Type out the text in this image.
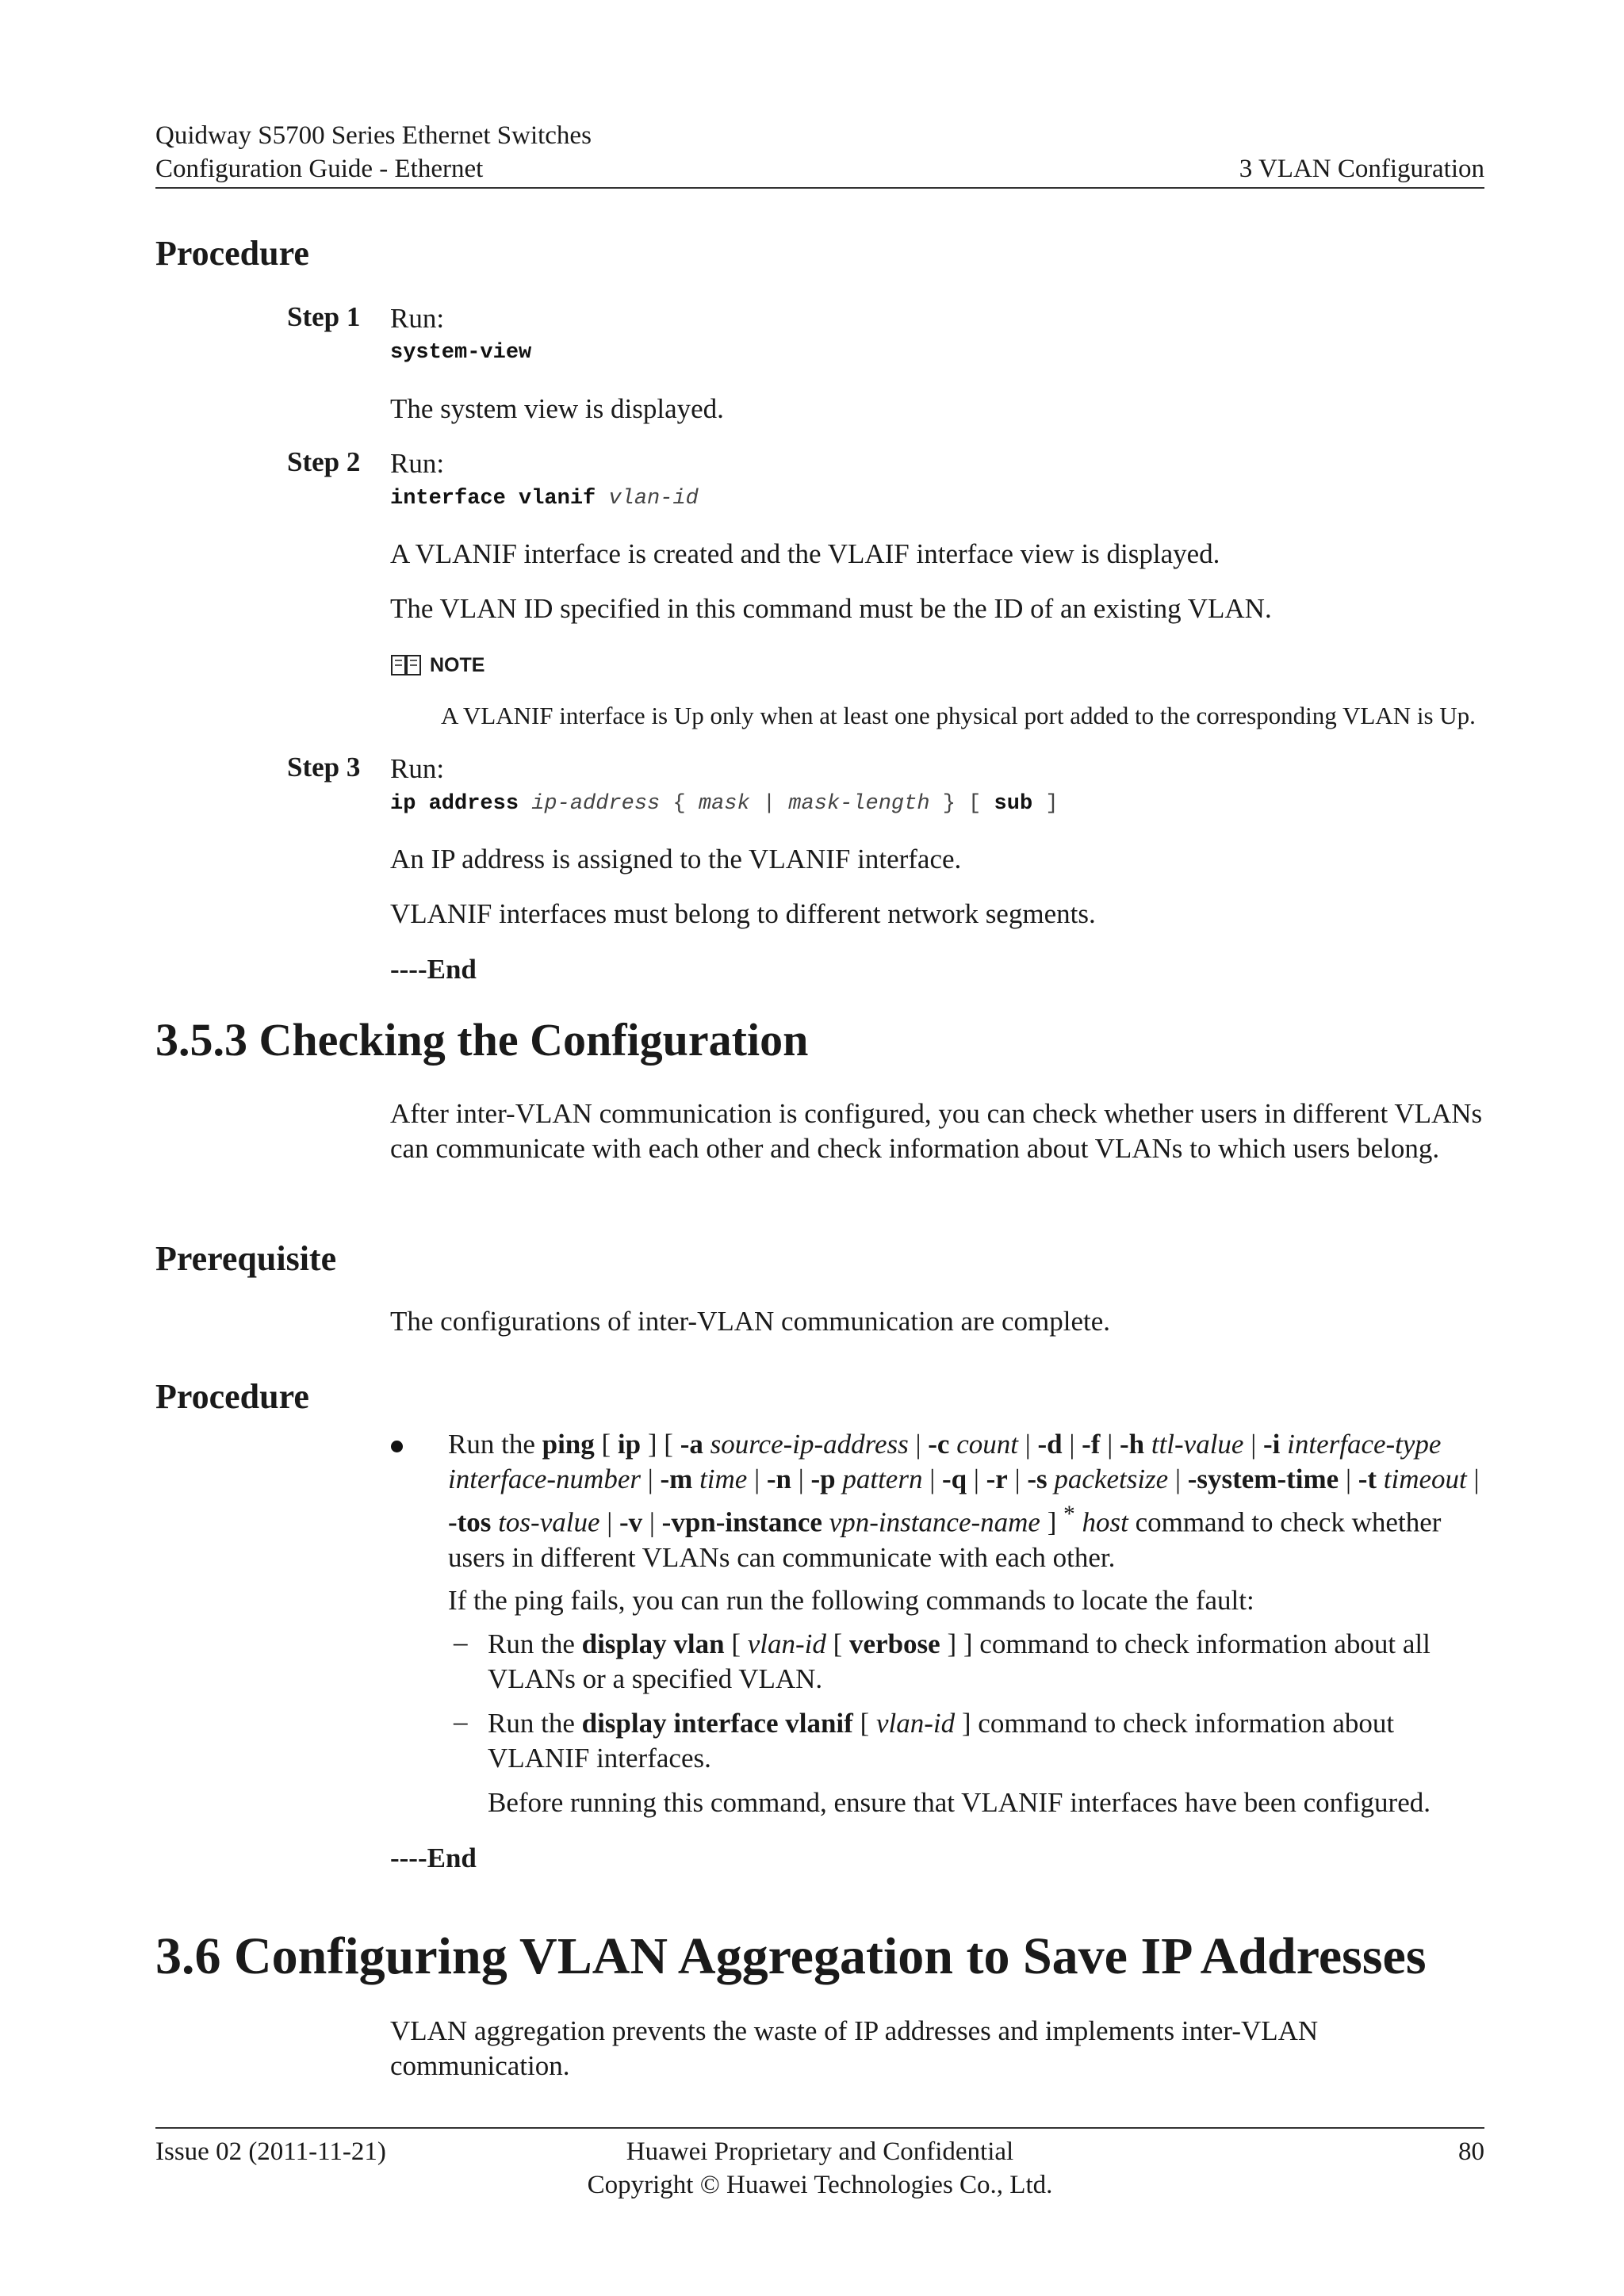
Quidway S5700 Series Ethernet Switches
Configuration Guide - Ethernet	3 VLAN Configuration
Procedure
Step 1 Run:
system-view
The system view is displayed.
Step 2 Run:
interface vlanif vlan-id
A VLANIF interface is created and the VLAIF interface view is displayed.
The VLAN ID specified in this command must be the ID of an existing VLAN.
NOTE
A VLANIF interface is Up only when at least one physical port added to the corresponding VLAN is Up.
Step 3 Run:
ip address ip-address { mask | mask-length } [ sub ]
An IP address is assigned to the VLANIF interface.
VLANIF interfaces must belong to different network segments.
----End
3.5.3 Checking the Configuration
After inter-VLAN communication is configured, you can check whether users in different VLANs can communicate with each other and check information about VLANs to which users belong.
Prerequisite
The configurations of inter-VLAN communication are complete.
Procedure
Run the ping [ ip ] [ -a source-ip-address | -c count | -d | -f | -h ttl-value | -i interface-type interface-number | -m time | -n | -p pattern | -q | -r | -s packetsize | -system-time | -t timeout | -tos tos-value | -v | -vpn-instance vpn-instance-name ] * host command to check whether users in different VLANs can communicate with each other.
If the ping fails, you can run the following commands to locate the fault:
– Run the display vlan [ vlan-id [ verbose ] ] command to check information about all VLANs or a specified VLAN.
– Run the display interface vlanif [ vlan-id ] command to check information about VLANIF interfaces.
Before running this command, ensure that VLANIF interfaces have been configured.
----End
3.6 Configuring VLAN Aggregation to Save IP Addresses
VLAN aggregation prevents the waste of IP addresses and implements inter-VLAN communication.
Issue 02 (2011-11-21)	Huawei Proprietary and Confidential
Copyright © Huawei Technologies Co., Ltd.
80
